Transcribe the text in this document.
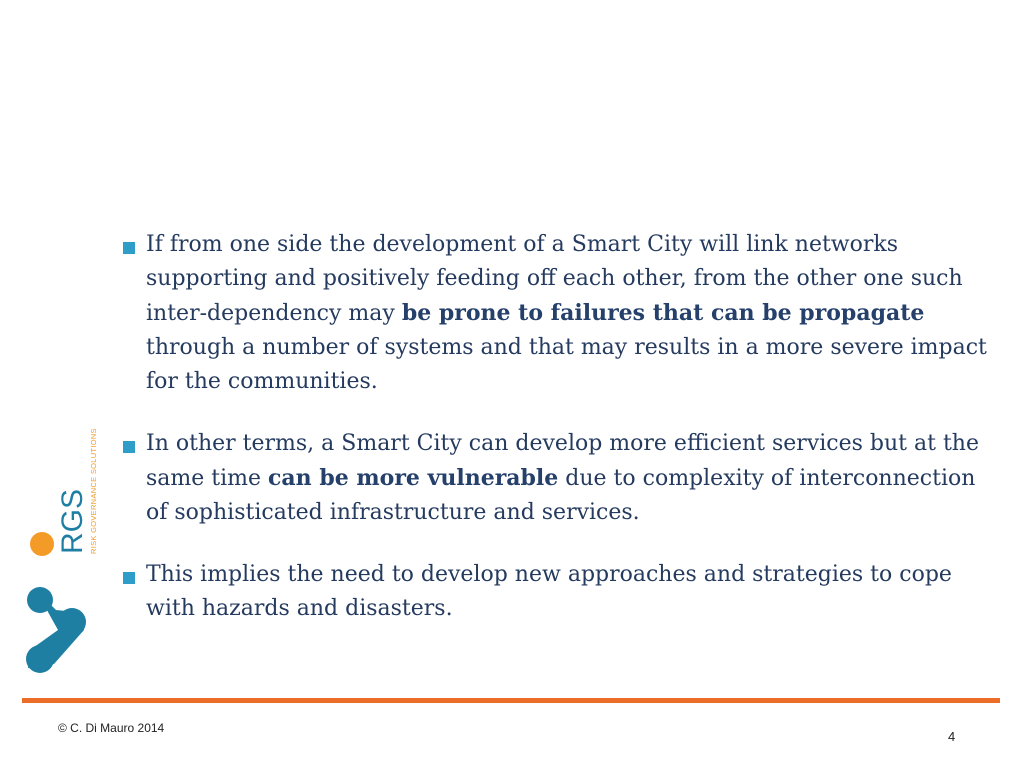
RGS RISK GOVERNANCE SOLUTIONS
If from one side the development of a Smart City will link networks supporting and positively feeding off each other, from the other one such inter-dependency may be prone to failures that can be propagate through a number of systems and that may results in a more severe impact for the communities.
In other terms, a Smart City can develop more efficient services but at the same time can be more vulnerable due to complexity of interconnection of sophisticated infrastructure and services.
This implies the need to develop new approaches and strategies to cope with hazards and disasters.
© C. Di Mauro 2014
4
